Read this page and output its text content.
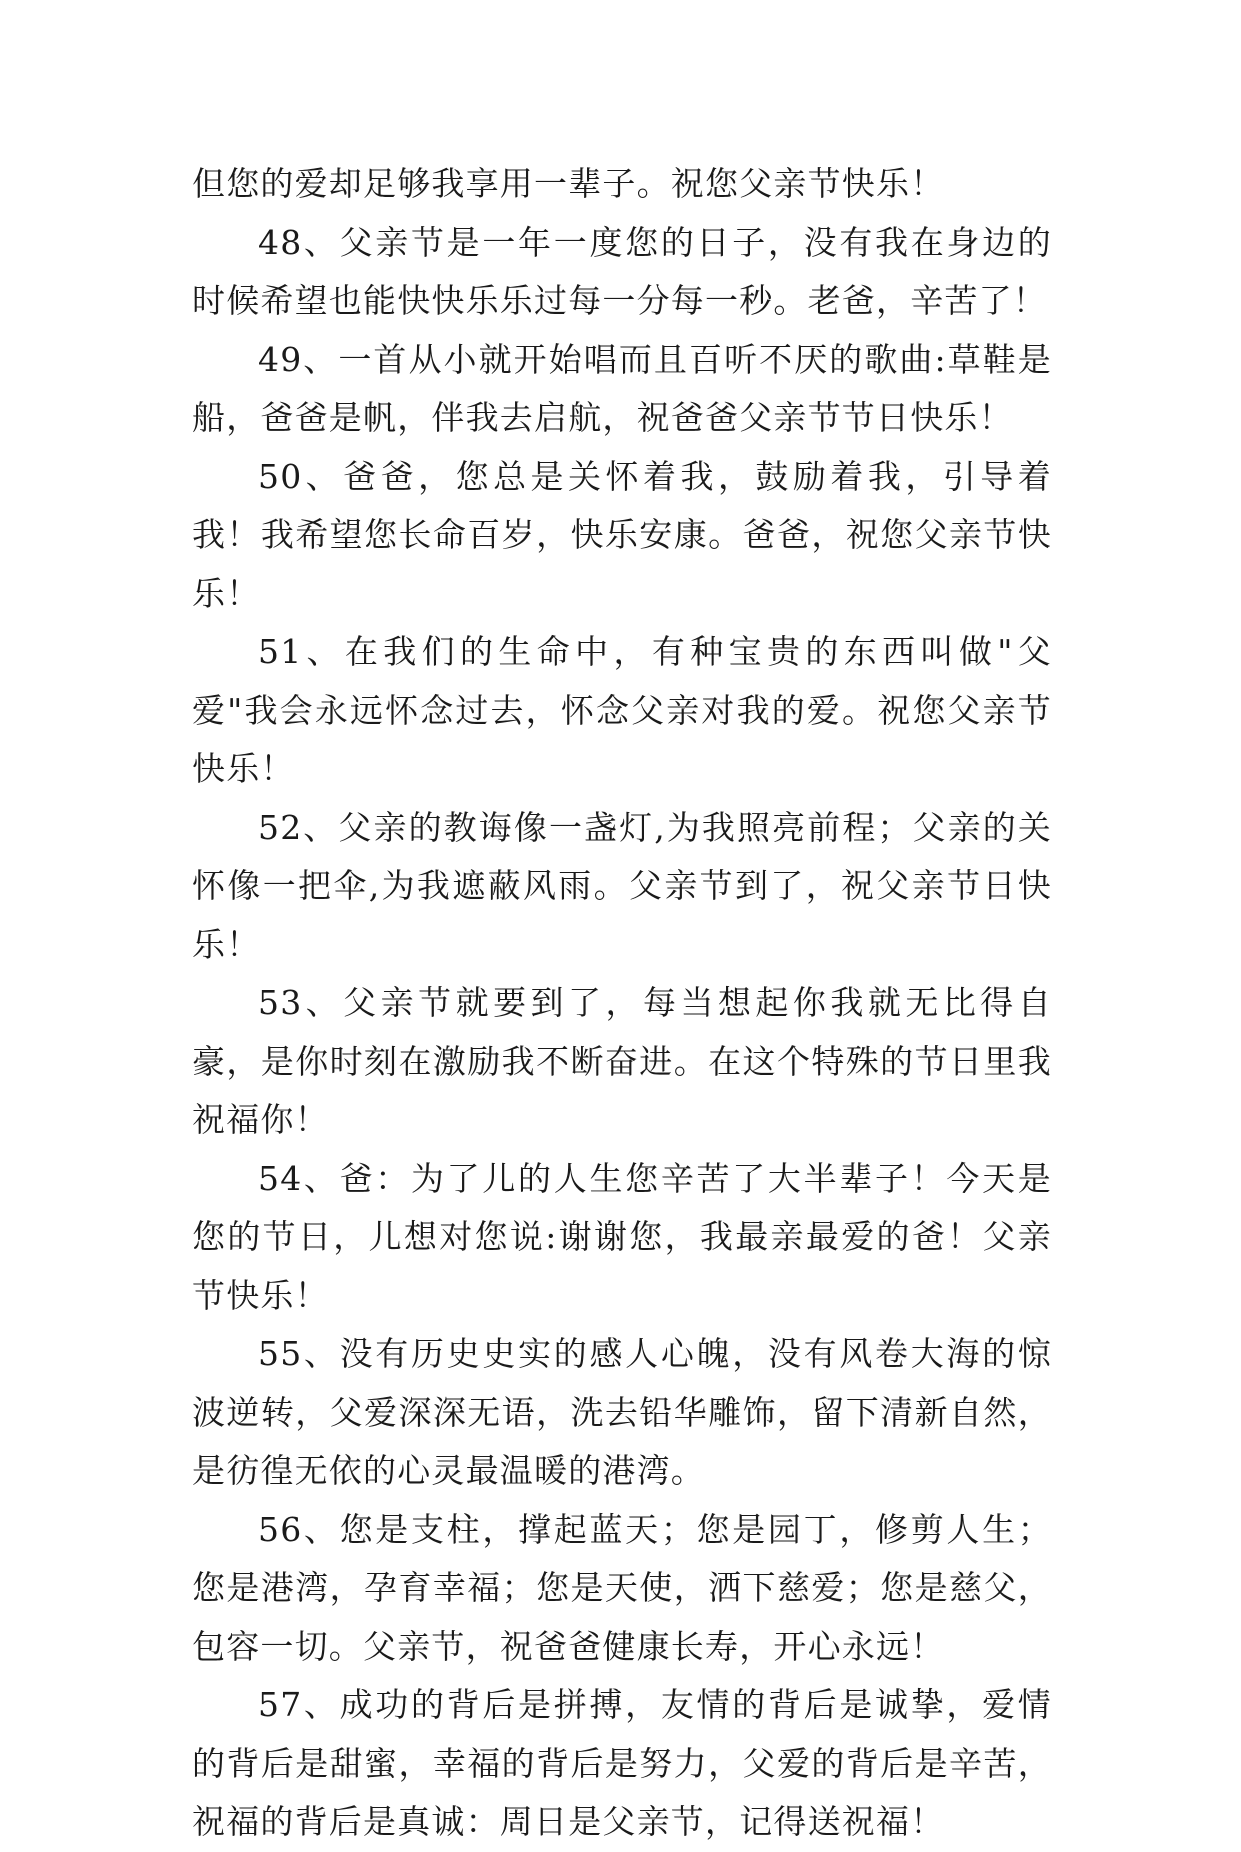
但您的爱却足够我享用一辈子。祝您父亲节快乐！

48、父亲节是一年一度您的日子，没有我在身边的时候希望也能快快乐乐过每一分每一秒。老爸，辛苦了！

49、一首从小就开始唱而且百听不厌的歌曲:草鞋是船，爸爸是帆，伴我去启航，祝爸爸父亲节节日快乐！

50、爸爸，您总是关怀着我，鼓励着我，引导着我！我希望您长命百岁，快乐安康。爸爸，祝您父亲节快乐！

51、在我们的生命中，有种宝贵的东西叫做"父爱"我会永远怀念过去，怀念父亲对我的爱。祝您父亲节快乐！

52、父亲的教诲像一盏灯,为我照亮前程；父亲的关怀像一把伞,为我遮蔽风雨。父亲节到了，祝父亲节日快乐！

53、父亲节就要到了，每当想起你我就无比得自豪，是你时刻在激励我不断奋进。在这个特殊的节日里我祝福你！

54、爸：为了儿的人生您辛苦了大半辈子！今天是您的节日，儿想对您说:谢谢您，我最亲最爱的爸！父亲节快乐！

55、没有历史史实的感人心魄，没有风卷大海的惊波逆转，父爱深深无语，洗去铅华雕饰，留下清新自然，是彷徨无依的心灵最温暖的港湾。

56、您是支柱，撑起蓝天；您是园丁，修剪人生；您是港湾，孕育幸福；您是天使，洒下慈爱；您是慈父，包容一切。父亲节，祝爸爸健康长寿，开心永远！

57、成功的背后是拼搏，友情的背后是诚挚，爱情的背后是甜蜜，幸福的背后是努力，父爱的背后是辛苦，祝福的背后是真诚：周日是父亲节，记得送祝福！
